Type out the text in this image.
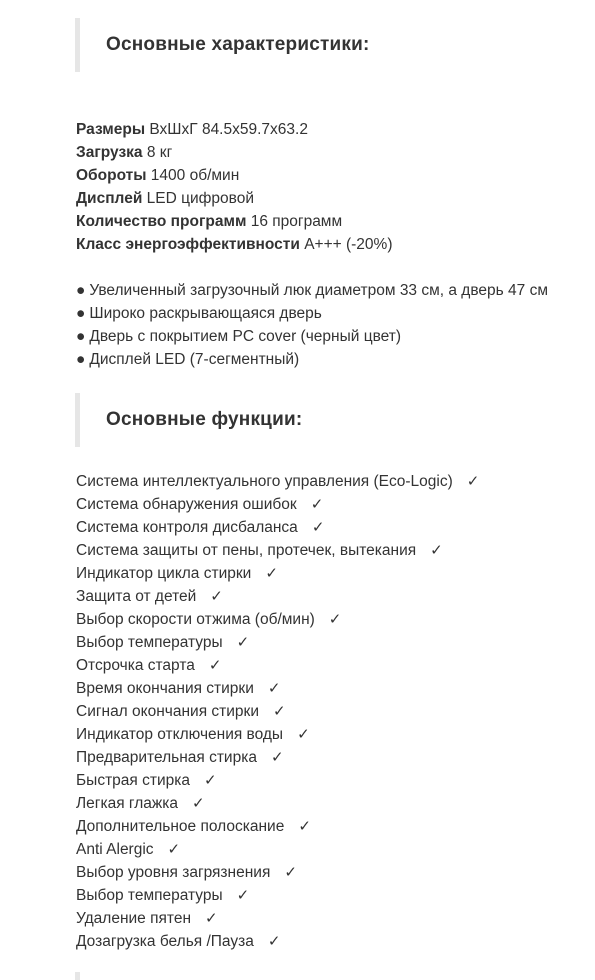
Основные характеристики:
Размеры ВхШхГ 84.5х59.7х63.2
Загрузка 8 кг
Обороты 1400 об/мин
Дисплей LED цифровой
Количество программ 16 программ
Класс энергоэффективности A+++ (-20%)
● Увеличенный загрузочный люк диаметром 33 см, а дверь 47 см
● Широко раскрывающаяся дверь
● Дверь с покрытием PC cover (черный цвет)
● Дисплей LED (7-сегментный)
Основные функции:
Система интеллектуального управления (Eco-Logic) ✓
Система обнаружения ошибок ✓
Система контроля дисбаланса ✓
Система защиты от пены, протечек, вытекания ✓
Индикатор цикла стирки ✓
Защита от детей ✓
Выбор скорости отжима (об/мин) ✓
Выбор температуры ✓
Отсрочка старта ✓
Время окончания стирки ✓
Сигнал окончания стирки ✓
Индикатор отключения воды ✓
Предварительная стирка ✓
Быстрая стирка ✓
Легкая глажка ✓
Дополнительное полоскание ✓
Anti Alergic ✓
Выбор уровня загрязнения ✓
Выбор температуры ✓
Удаление пятен ✓
Дозагрузка белья /Пауза ✓
